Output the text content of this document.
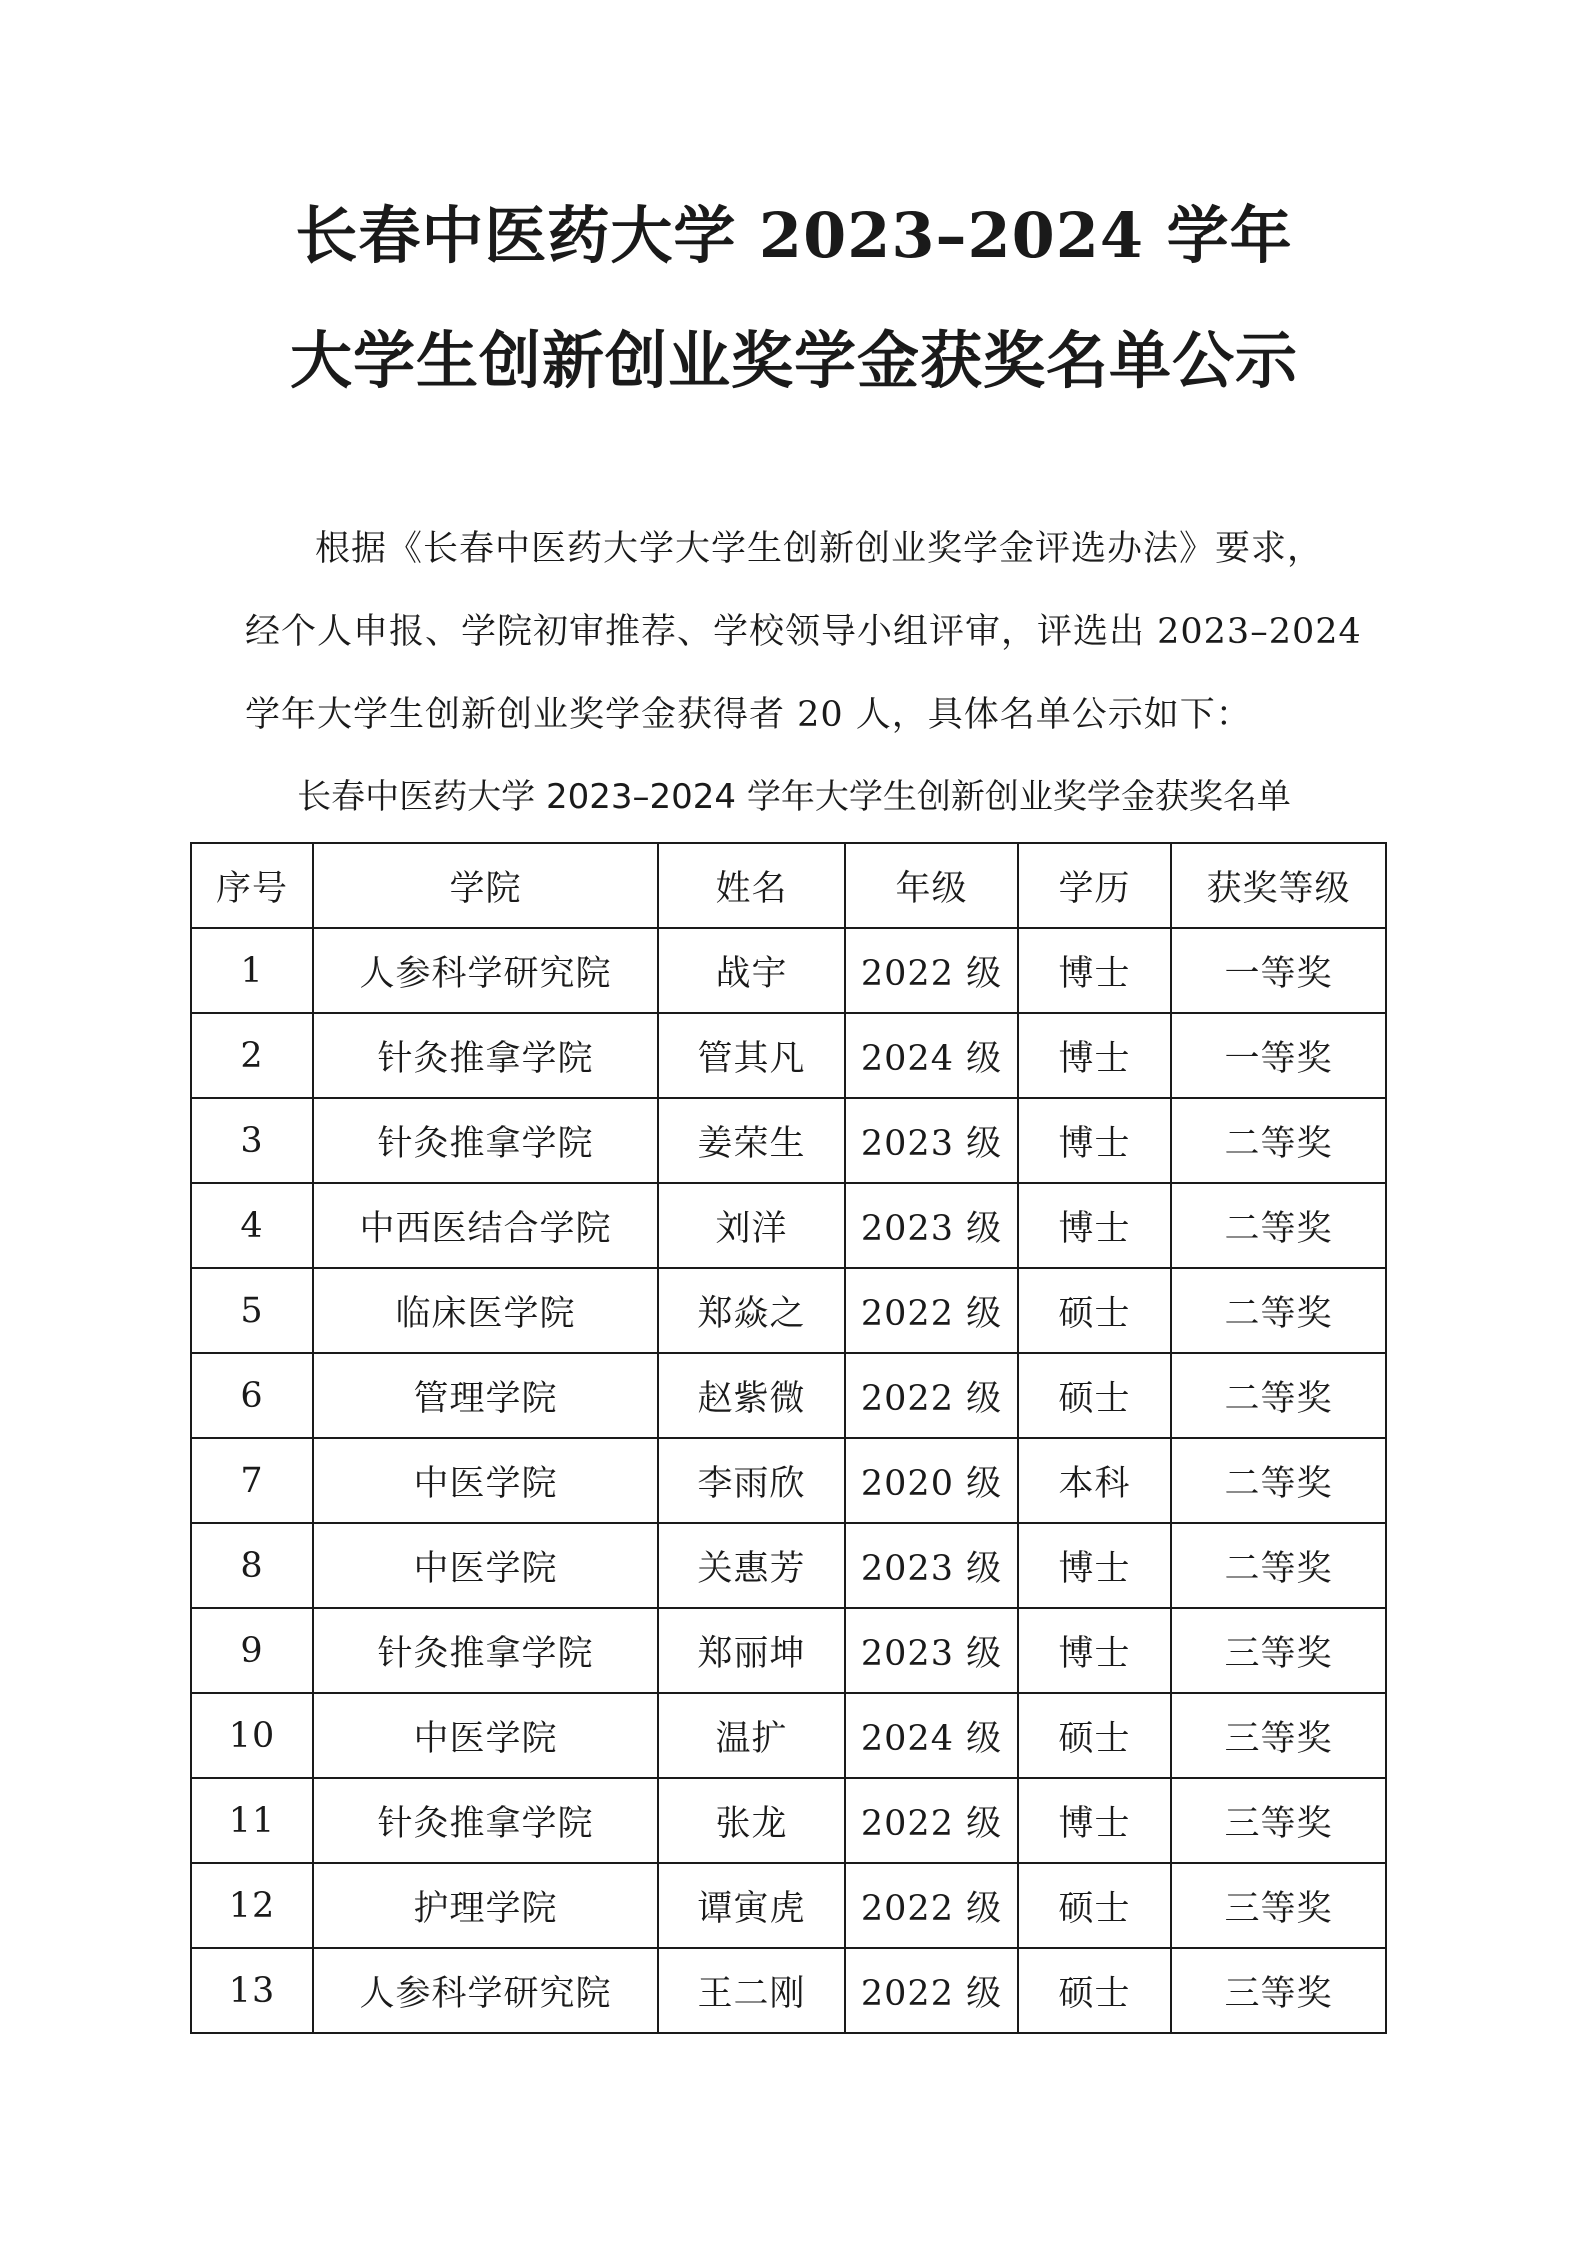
长春中医药大学 2023–2024 学年
大学生创新创业奖学金获奖名单公示

根据《长春中医药大学大学生创新创业奖学金评选办法》要求，

经个人申报、学院初审推荐、学校领导小组评审，评选出 2023–2024

学年大学生创新创业奖学金获得者 20 人，具体名单公示如下：

长春中医药大学 2023–2024 学年大学生创新创业奖学金获奖名单

序号	学院	姓名	年级	学历	获奖等级
1	人参科学研究院	战宇	2022 级	博士	一等奖
2	针灸推拿学院	管其凡	2024 级	博士	一等奖
3	针灸推拿学院	姜荣生	2023 级	博士	二等奖
4	中西医结合学院	刘洋	2023 级	博士	二等奖
5	临床医学院	郑焱之	2022 级	硕士	二等奖
6	管理学院	赵紫微	2022 级	硕士	二等奖
7	中医学院	李雨欣	2020 级	本科	二等奖
8	中医学院	关惠芳	2023 级	博士	二等奖
9	针灸推拿学院	郑丽坤	2023 级	博士	三等奖
10	中医学院	温扩	2024 级	硕士	三等奖
11	针灸推拿学院	张龙	2022 级	博士	三等奖
12	护理学院	谭寅虎	2022 级	硕士	三等奖
13	人参科学研究院	王二刚	2022 级	硕士	三等奖
